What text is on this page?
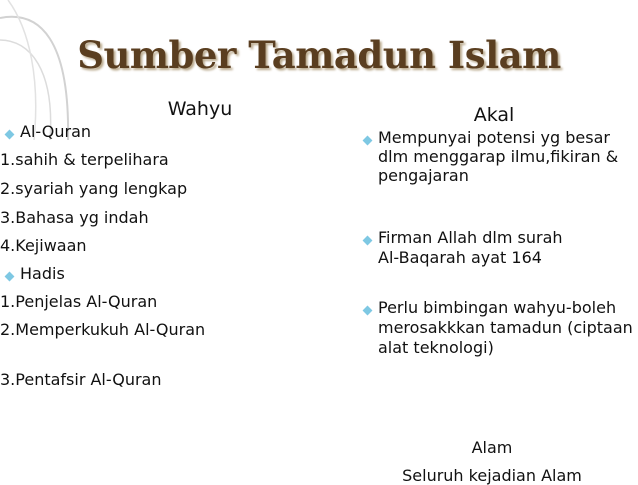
Sumber Tamadun Islam
Wahyu
Al-Quran
1.sahih & terpelihara
2.syariah yang lengkap
3.Bahasa yg indah
4.Kejiwaan
Hadis
1.Penjelas Al-Quran
2.Memperkukuh Al-Quran
3.Pentafsir Al-Quran
Akal
Mempunyai potensi yg besar dlm menggarap ilmu,fikiran & pengajaran
Firman Allah dlm surah Al-Baqarah ayat 164
Perlu bimbingan wahyu-boleh merosakkkan tamadun (ciptaan alat teknologi)
Alam
Seluruh kejadian Alam
